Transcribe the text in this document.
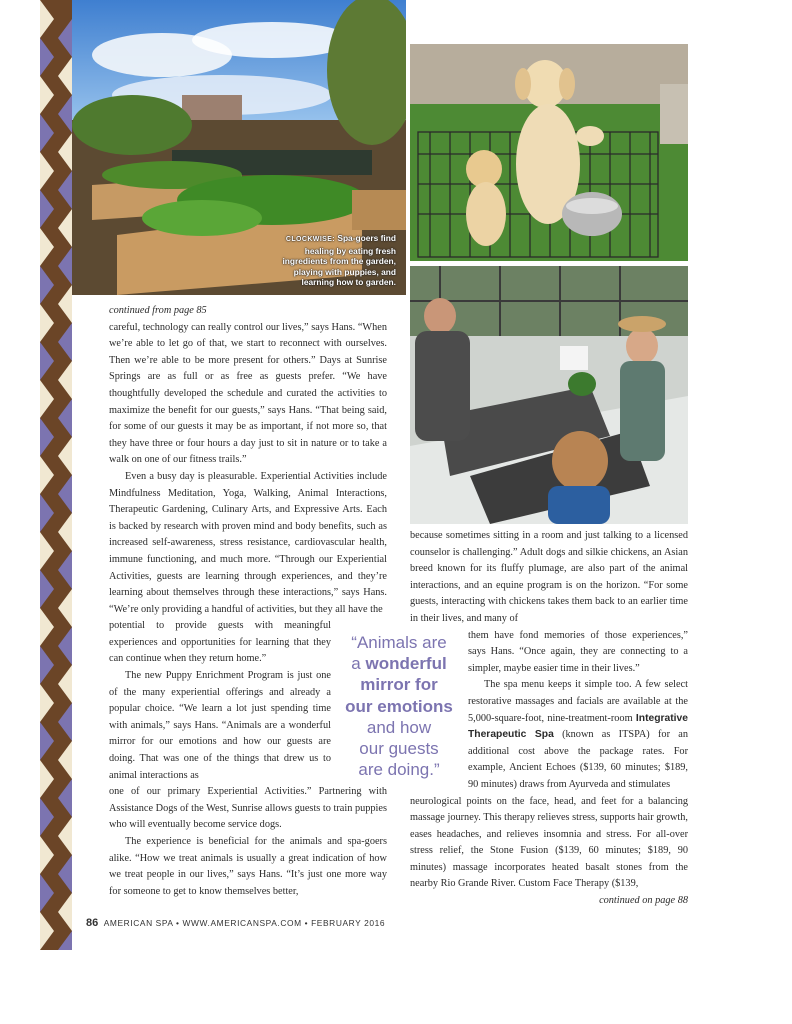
CLOCKWISE: Spa-goers find healing by eating fresh ingredients from the garden, playing with puppies, and learning how to garden.

continued from page 85

careful, technology can really control our lives,” says Hans. “When we’re able to let go of that, we start to reconnect with ourselves. Then we’re able to be more present for others.” Days at Sunrise Springs are as full or as free as guests prefer. “We have thoughtfully developed the schedule and curated the activities to maximize the benefit for our guests,” says Hans. “That being said, for some of our guests it may be as important, if not more so, that they have three or four hours a day just to sit in nature or to take a walk on one of our fitness trails.”

Even a busy day is pleasurable. Experiential Activities include Mindfulness Meditation, Yoga, Walking, Animal Interactions, Therapeutic Gardening, Culinary Arts, and Expressive Arts. Each is backed by research with proven mind and body benefits, such as increased self-awareness, stress resistance, cardiovascular health, immune functioning, and much more. “Through our Experiential Activities, guests are learning through experiences, and they’re learning about themselves through these interactions,” says Hans. “We’re only providing a handful of activities, but they all have the

potential to provide guests with meaningful experiences and opportunities for learning that they can continue when they return home.”

The new Puppy Enrichment Program is just one of the many experiential offerings and already a popular choice. “We learn a lot just spending time with animals,” says Hans. “Animals are a wonderful mirror for our emotions and how our guests are doing. That was one of the things that drew us to animal interactions as

one of our primary Experiential Activities.” Partnering with Assistance Dogs of the West, Sunrise allows guests to train puppies who will eventually become service dogs.

The experience is beneficial for the animals and spa-goers alike. “How we treat animals is usually a great indication of how we treat people in our lives,” says Hans. “It’s just one more way for someone to get to know themselves better,

“Animals are
a wonderful
mirror for
our emotions
and how
our guests
are doing.”

because sometimes sitting in a room and just talking to a licensed counselor is challenging.” Adult dogs and silkie chickens, an Asian breed known for its fluffy plumage, are also part of the animal interactions, and an equine program is on the horizon. “For some guests, interacting with chickens takes them back to an earlier time in their lives, and many of

them have fond memories of those experiences,” says Hans. “Once again, they are connecting to a simpler, maybe easier time in their lives.”

The spa menu keeps it simple too. A few select restorative massages and facials are available at the 5,000-square-foot, nine-treatment-room Integrative Therapeutic Spa (known as ITSPA) for an additional cost above the package rates. For example, Ancient Echoes ($139, 60 minutes; $189, 90 minutes) draws from Ayurveda and stimulates

neurological points on the face, head, and feet for a balancing massage journey. This therapy relieves stress, supports hair growth, eases headaches, and relieves insomnia and stress. For all-over stress relief, the Stone Fusion ($139, 60 minutes; $189, 90 minutes) massage incorporates heated basalt stones from the nearby Rio Grande River. Custom Face Therapy ($139,

continued on page 88

86 AMERICAN SPA • WWW.AMERICANSPA.COM • FEBRUARY 2016
